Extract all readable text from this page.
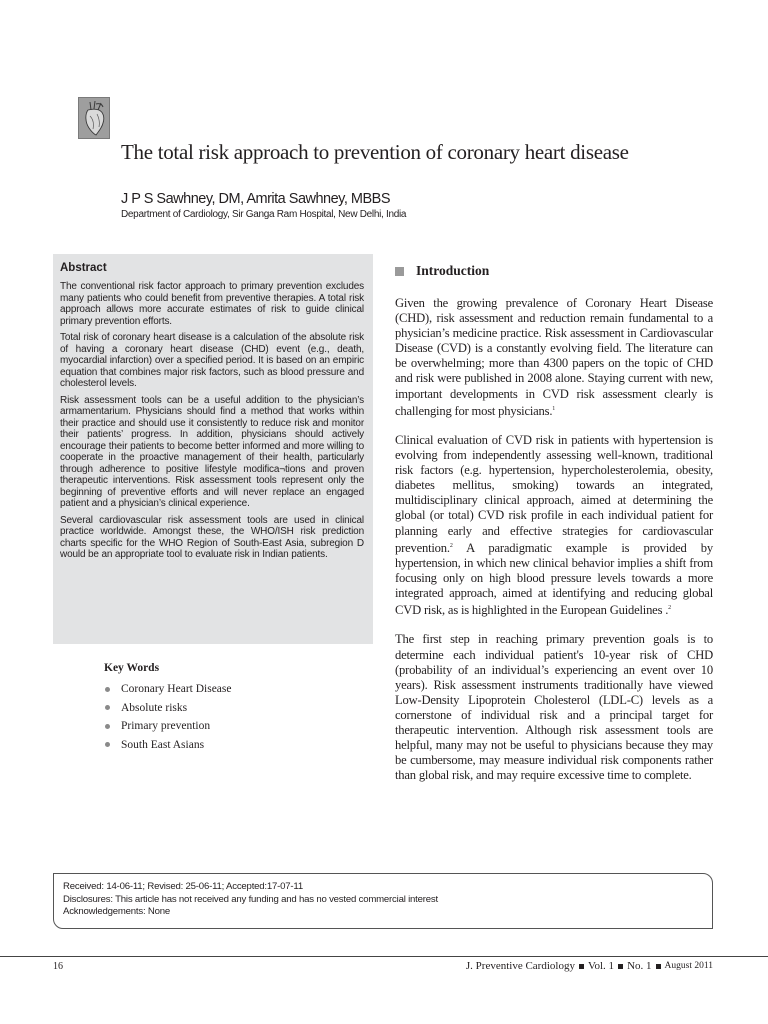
The total risk approach to prevention of coronary heart disease
J P S Sawhney, DM, Amrita Sawhney, MBBS
Department of Cardiology, Sir Ganga Ram Hospital, New Delhi, India
Abstract

The conventional risk factor approach to primary prevention excludes many patients who could benefit from preventive therapies. A total risk approach allows more accurate estimates of risk to guide clinical primary prevention efforts.

Total risk of coronary heart disease is a calculation of the absolute risk of having a coronary heart disease (CHD) event (e.g., death, myocardial infarction) over a specified period. It is based on an empiric equation that combines major risk factors, such as blood pressure and cholesterol levels.

Risk assessment tools can be a useful addition to the physician’s armamentarium. Physicians should find a method that works within their practice and should use it consistently to reduce risk and monitor their patients’ progress. In addition, physicians should actively encourage their patients to become better informed and more willing to cooperate in the proactive management of their health, particularly through adherence to positive lifestyle modifica¬tions and proven therapeutic interventions. Risk assessment tools represent only the beginning of preventive efforts and will never replace an engaged patient and a physician’s clinical experience.

Several cardiovascular risk assessment tools are used in clinical practice worldwide. Amongst these, the WHO/ISH risk prediction charts specific for the WHO Region of South-East Asia, subregion D would be an appropriate tool to evaluate risk in Indian patients.

Key Words
Coronary Heart Disease
Absolute risks
Primary prevention
South East Asians
Introduction

Given the growing prevalence of Coronary Heart Disease (CHD), risk assessment and reduction remain fundamental to a physician’s medicine practice. Risk assessment in Cardiovascular Disease (CVD) is a constantly evolving field. The literature can be overwhelming; more than 4300 papers on the topic of CHD and risk were published in 2008 alone. Staying current with new, important developments in CVD risk assessment clearly is challenging for most physicians.$^1$

Clinical evaluation of CVD risk in patients with hypertension is evolving from independently assessing well-known, traditional risk factors (e.g. hypertension, hypercholesterolemia, obesity, diabetes mellitus, smoking) towards an integrated, multidisciplinary clinical approach, aimed at determining the global (or total) CVD risk profile in each individual patient for planning early and effective strategies for cardiovascular prevention.$^2$ A paradigmatic example is provided by hypertension, in which new clinical behavior implies a shift from focusing only on high blood pressure levels towards a more integrated approach, aimed at identifying and reducing global CVD risk, as is highlighted in the European Guidelines .$^2$

The first step in reaching primary prevention goals is to determine each individual patient's 10-year risk of CHD (probability of an individual’s experiencing an event over 10 years). Risk assessment instruments traditionally have viewed Low-Density Lipoprotein Cholesterol (LDL-C) levels as a cornerstone of individual risk and a principal target for therapeutic intervention. Although risk assessment tools are helpful, many may not be useful to physicians because they may be cumbersome, may measure individual risk components rather than global risk, and may require excessive time to complete.

Received: 14-06-11; Revised: 25-06-11; Accepted:17-07-11
Disclosures: This article has not received any funding and has no vested commercial interest
Acknowledgements: None
16	J. Preventive Cardiology Vol. 1 No. 1 August 2011
